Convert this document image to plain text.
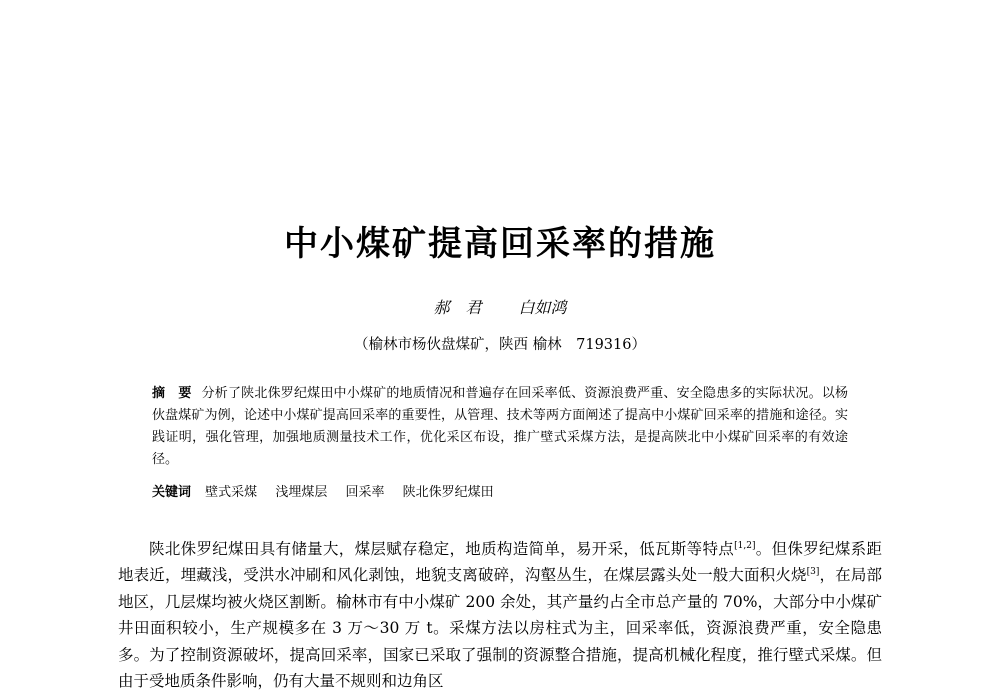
中小煤矿提高回采率的措施
郝　君 白如鸿
（榆林市杨伙盘煤矿，陕西 榆林　719316）
摘　要 分析了陕北侏罗纪煤田中小煤矿的地质情况和普遍存在回采率低、资源浪费严重、安全隐患多的实际状况。以杨伙盘煤矿为例，论述中小煤矿提高回采率的重要性，从管理、技术等两方面阐述了提高中小煤矿回采率的措施和途径。实践证明，强化管理，加强地质测量技术工作，优化采区布设，推广壁式采煤方法，是提高陕北中小煤矿回采率的有效途径。
关键词 壁式采煤 浅埋煤层 回采率 陕北侏罗纪煤田
陕北侏罗纪煤田具有储量大，煤层赋存稳定，地质构造简单，易开采，低瓦斯等特点[1,2]。但侏罗纪煤系距地表近，埋藏浅，受洪水冲刷和风化剥蚀，地貌支离破碎，沟壑丛生，在煤层露头处一般大面积火烧[3]，在局部地区，几层煤均被火烧区割断。榆林市有中小煤矿 200 余处，其产量约占全市总产量的 70%，大部分中小煤矿井田面积较小，生产规模多在 3 万～30 万 t。采煤方法以房柱式为主，回采率低，资源浪费严重，安全隐患多。为了控制资源破坏，提高回采率，国家已采取了强制的资源整合措施，提高机械化程度，推行壁式采煤。但由于受地质条件影响，仍有大量不规则和边角区
